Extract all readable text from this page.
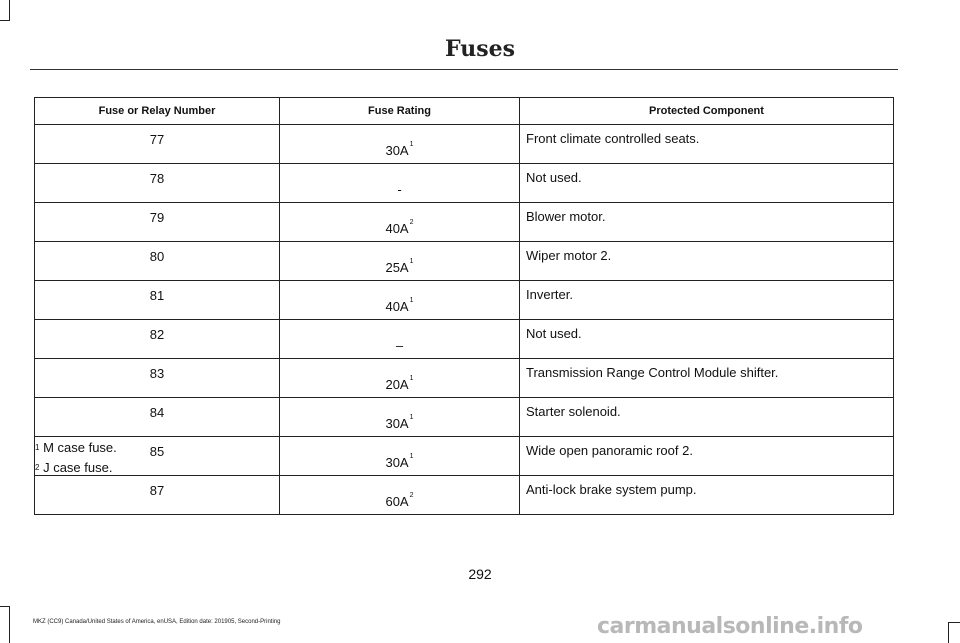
Fuses
Fuse or Relay Number	Fuse Rating	Protected Component
77	$30A^1$	Front climate controlled seats.
78	-	Not used.
79	$40A^2$	Blower motor.
80	$25A^1$	Wiper motor 2.
81	$40A^1$	Inverter.
82	–	Not used.
83	$20A^1$	Transmission Range Control Module shifter.
84	$30A^1$	Starter solenoid.
85	$30A^1$	Wide open panoramic roof 2.
87	$60A^2$	Anti-lock brake system pump.
$^1$ M case fuse.
$^2$ J case fuse.
292
MKZ (CC9) Canada/United States of America, enUSA, Edition date: 201905, Second-Printing	carmanualsonline.info
